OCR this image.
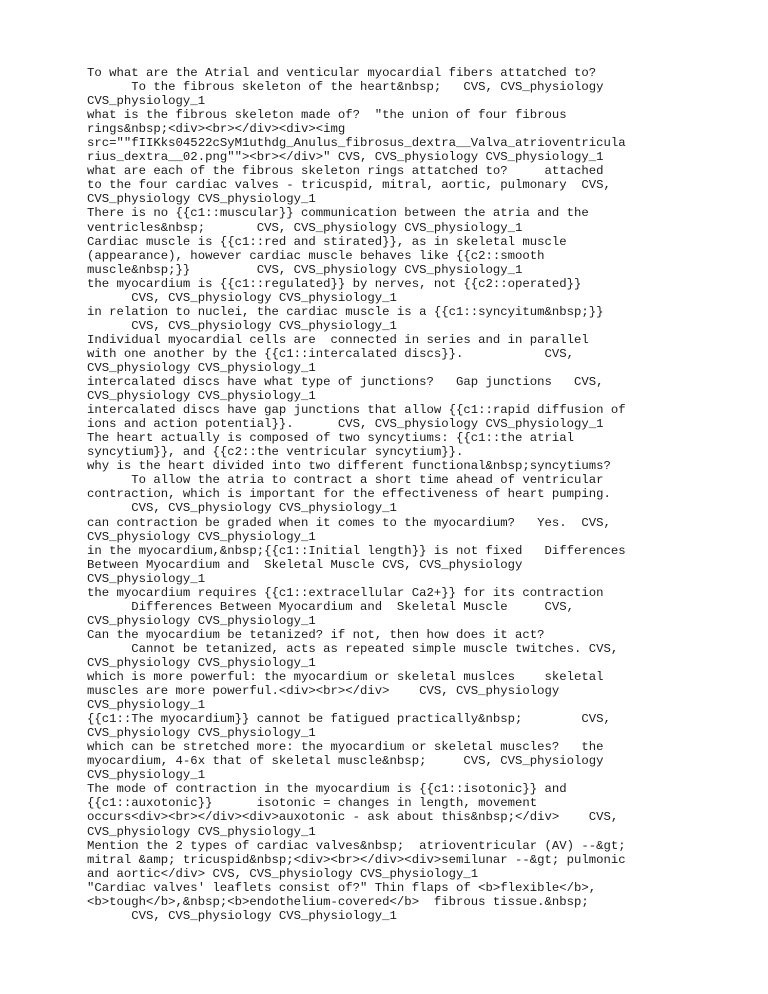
To what are the Atrial and venticular myocardial fibers attatched to?
To the fibrous skeleton of the heart&nbsp;   CVS, CVS_physiology
CVS_physiology_1
what is the fibrous skeleton made of?  "the union of four fibrous
rings&nbsp;<div><br></div><div><img
src=""fIIKks04522cSyM1uthdg_Anulus_fibrosus_dextra__Valva_atrioventricula
rius_dextra__02.png""><br></div>" CVS, CVS_physiology CVS_physiology_1
what are each of the fibrous skeleton rings attatched to?     attached
to the four cardiac valves - tricuspid, mitral, aortic, pulmonary  CVS,
CVS_physiology CVS_physiology_1
There is no {{c1::muscular}} communication between the atria and the
ventricles&nbsp;       CVS, CVS_physiology CVS_physiology_1
Cardiac muscle is {{c1::red and stirated}}, as in skeletal muscle
(appearance), however cardiac muscle behaves like {{c2::smooth
muscle&nbsp;}}         CVS, CVS_physiology CVS_physiology_1
the myocardium is {{c1::regulated}} by nerves, not {{c2::operated}}
CVS, CVS_physiology CVS_physiology_1
in relation to nuclei, the cardiac muscle is a {{c1::syncyitum&nbsp;}}
CVS, CVS_physiology CVS_physiology_1
Individual myocardial cells are  connected in series and in parallel
with one another by the {{c1::intercalated discs}}.           CVS,
CVS_physiology CVS_physiology_1
intercalated discs have what type of junctions?   Gap junctions   CVS,
CVS_physiology CVS_physiology_1
intercalated discs have gap junctions that allow {{c1::rapid diffusion of
ions and action potential}}.      CVS, CVS_physiology CVS_physiology_1
The heart actually is composed of two syncytiums: {{c1::the atrial
syncytium}}, and {{c2::the ventricular syncytium}}.
why is the heart divided into two different functional&nbsp;syncytiums?
To allow the atria to contract a short time ahead of ventricular
contraction, which is important for the effectiveness of heart pumping.
CVS, CVS_physiology CVS_physiology_1
can contraction be graded when it comes to the myocardium?   Yes.  CVS,
CVS_physiology CVS_physiology_1
in the myocardium,&nbsp;{{c1::Initial length}} is not fixed   Differences
Between Myocardium and  Skeletal Muscle CVS, CVS_physiology
CVS_physiology_1
the myocardium requires {{c1::extracellular Ca2+}} for its contraction
Differences Between Myocardium and  Skeletal Muscle     CVS,
CVS_physiology CVS_physiology_1
Can the myocardium be tetanized? if not, then how does it act?
Cannot be tetanized, acts as repeated simple muscle twitches. CVS,
CVS_physiology CVS_physiology_1
which is more powerful: the myocardium or skeletal muslces    skeletal
muscles are more powerful.<div><br></div>    CVS, CVS_physiology
CVS_physiology_1
{{c1::The myocardium}} cannot be fatigued practically&nbsp;        CVS,
CVS_physiology CVS_physiology_1
which can be stretched more: the myocardium or skeletal muscles?   the
myocardium, 4-6x that of skeletal muscle&nbsp;     CVS, CVS_physiology
CVS_physiology_1
The mode of contraction in the myocardium is {{c1::isotonic}} and
{{c1::auxotonic}}      isotonic = changes in length, movement
occurs<div><br></div><div>auxotonic - ask about this&nbsp;</div>    CVS,
CVS_physiology CVS_physiology_1
Mention the 2 types of cardiac valves&nbsp;  atrioventricular (AV) --&gt;
mitral &amp; tricuspid&nbsp;<div><br></div><div>semilunar --&gt; pulmonic
and aortic</div> CVS, CVS_physiology CVS_physiology_1
"Cardiac valves' leaflets consist of?" Thin flaps of <b>flexible</b>,
<b>tough</b>,&nbsp;<b>endothelium-covered</b>  fibrous tissue.&nbsp;
CVS, CVS_physiology CVS_physiology_1
